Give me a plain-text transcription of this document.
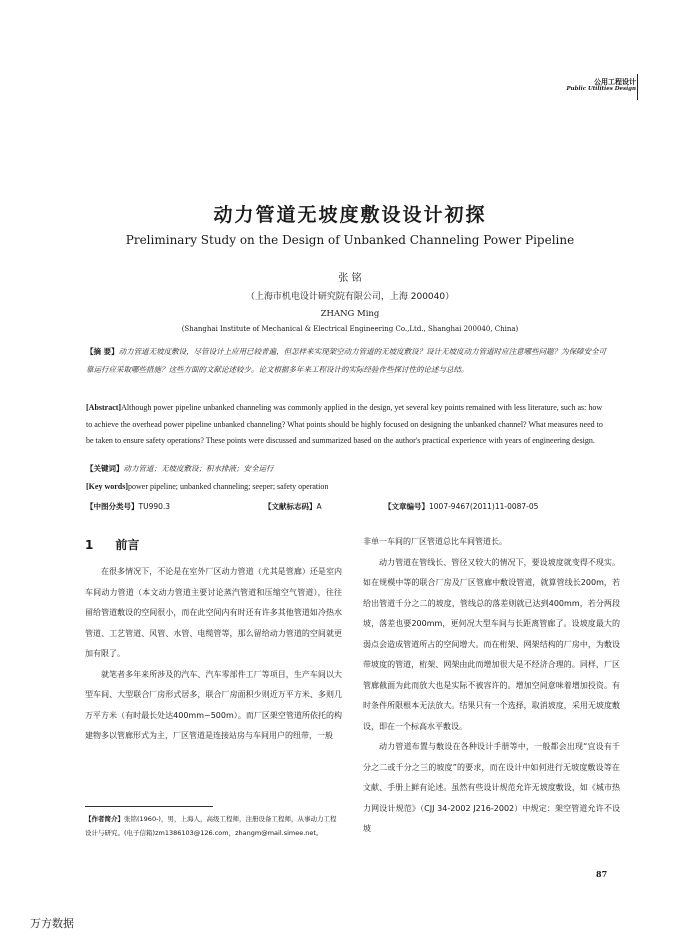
公用工程设计
Public Utilities Design
动力管道无坡度敷设设计初探
Preliminary Study on the Design of Unbanked Channeling Power Pipeline
张 铭
（上海市机电设计研究院有限公司，上海 200040）
ZHANG Ming
(Shanghai Institute of Mechanical & Electrical Engineering Co.,Ltd., Shanghai 200040, China)
【摘 要】动力管道无坡度敷设，尽管设计上应用已较普遍，但怎样来实现架空动力管道的无坡度敷设？设计无坡度动力管道时应注意哪些问题？为保障安全可靠运行应采取哪些措施？这些方面的文献论述较少。论文根据多年来工程设计的实际经验作些探讨性的论述与总结。
[Abstract]Although power pipeline unbanked channeling was commonly applied in the design, yet several key points remained with less literature, such as: how to achieve the overhead power pipeline unbanked channeling? What points should be highly focused on designing the unbanked channel? What measures need to be taken to ensure safety operations? These points were discussed and summarized based on the author's practical experience with years of engineering design.
【关键词】动力管道；无坡度敷设；积水排液；安全运行
[Key words]power pipeline; unbanked channeling; seeper; safety operation
【中图分类号】TU990.3	【文献标志码】A	【文章编号】1007-9467(2011)11-0087-05
1 前言

在很多情况下，不论是在室外厂区动力管道（尤其是管廊）还是室内车间动力管道（本文动力管道主要讨论蒸汽管道和压缩空气管道），往往留给管道敷设的空间很小，而在此空间内有时还有许多其他管道如冷热水管道、工艺管道、风管、水管、电缆管等，那么留给动力管道的空间就更加有限了。

就笔者多年来所涉及的汽车、汽车零部件工厂等项目，生产车间以大型车间、大型联合厂房形式居多，联合厂房面积少则近万平方米、多则几万平方米（有时最长处达400mm~500m）。而厂区架空管道所依托的构建物多以管廊形式为主，厂区管道是连接站房与车间用户的纽带，一般

非单一车间的厂区管道总比车间管道长。

动力管道在管线长、管径又较大的情况下，要设坡度就变得不现实。如在规模中等的联合厂房及厂区管廊中敷设管道，就算管线长200m，若给出管道千分之二的坡度，管线总的落差则就已达到400mm，若分两段坡，落差也要200mm，更何况大型车间与长距离管廊了。设坡度最大的弱点会造成管道所占的空间增大。而在桁架、网架结构的厂房中，为敷设带坡度的管道，桁架、网架由此而增加很大是不经济合理的。同样，厂区管廊截面为此而放大也是实际不被容许的。增加空间意味着增加投资。有时条件所限根本无法放大。结果只有一个选择，取消坡度，采用无坡度敷设，即在一个标高水平敷设。

动力管道布置与敷设在各种设计手册等中，一般都会出现“宜设有千分之二或千分之三的坡度”的要求，而在设计中如何进行无坡度敷设等在文献、手册上鲜有论述。虽然有些设计规范允许无坡度敷设，如《城市热力网设计规范》（CJJ 34-2002 J216-2002）中规定：架空管道允许不设坡

【作者简介】张铭(1960-)，男，上海人，高级工程师，注册设备工程师，从事动力工程设计与研究。(电子信箱)zm1386103@126.com，zhangm@mail.simee.net。
87
万方数据
